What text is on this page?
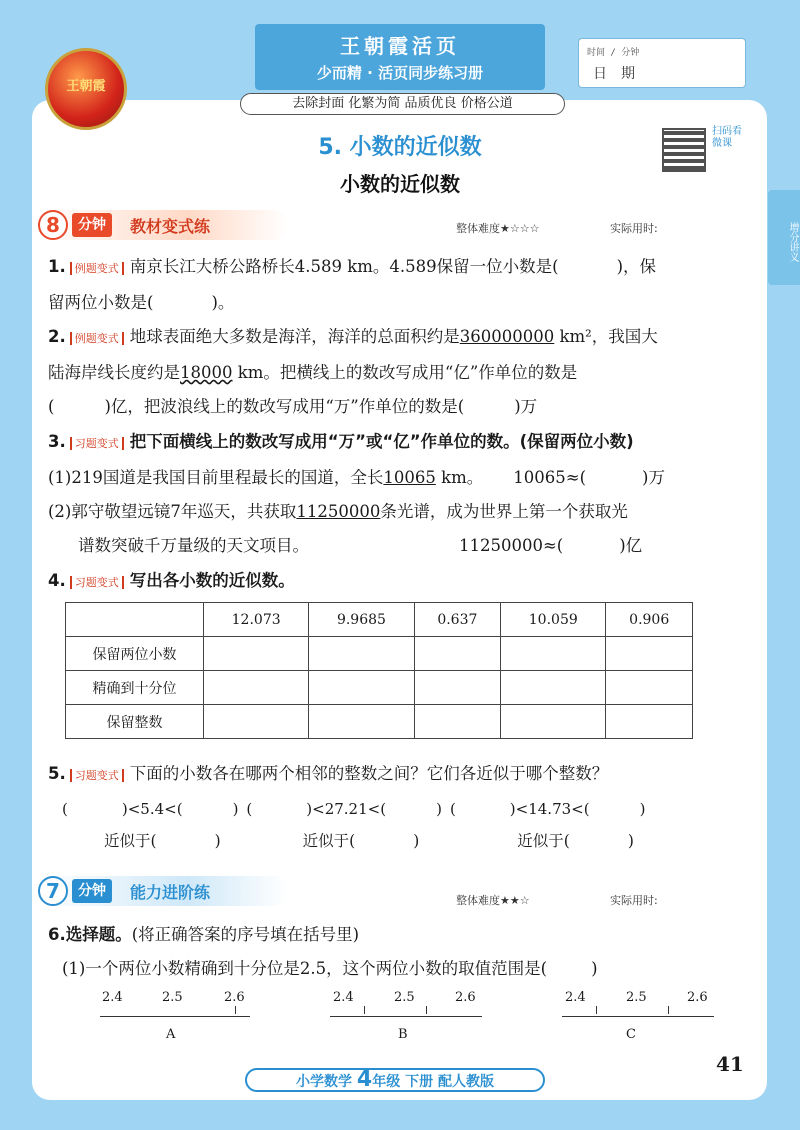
王朝霞
王朝霞活页
少而精 · 活页同步练习册
去除封面 化繁为简 品质优良 价格公道
时间 / 分钟
日期
5. 小数的近似数
小数的近似数
扫码看微课
增分讲义
8	分钟	教材变式练	整体难度★☆☆☆	实际用时:
1. 例题变式 南京长江大桥公路桥长4.589 km。4.589保留一位小数是(	)，保
留两位小数是(	)。
2. 例题变式 地球表面绝大多数是海洋，海洋的总面积约是360000000 km²，我国大
陆海岸线长度约是18000 km。把横线上的数改写成用“亿”作单位的数是
(	)亿，把波浪线上的数改写成用“万”作单位的数是(	)万
3. 习题变式 把下面横线上的数改写成用“万”或“亿”作单位的数。(保留两位小数)
(1)219国道是我国目前里程最长的国道，全长10065 km。 10065≈(	)万
(2)郭守敬望远镜7年巡天，共获取11250000条光谱，成为世界上第一个获取光
谱数突破千万量级的天文项目。	11250000≈(	)亿
4. 习题变式 写出各小数的近似数。
	12.073	9.9685	0.637	10.059	0.906
保留两位小数					
精确到十分位					
保留整数					
5. 习题变式 下面的小数各在哪两个相邻的整数之间？它们各近似于哪个整数？
(	)<5.4<(	) (	)<27.21<(	) (	)<14.73<(	)
近似于(	)	近似于(	)	近似于(	)
7	分钟	能力进阶练	整体难度★★☆	实际用时:
6.选择题。(将正确答案的序号填在括号里)
(1)一个两位小数精确到十分位是2.5，这个两位小数的取值范围是(	)
2.4	2.5	2.6
A
2.4	2.5	2.6
B
2.4	2.5	2.6
C
小学数学 4年级 下册 配人教版
41
